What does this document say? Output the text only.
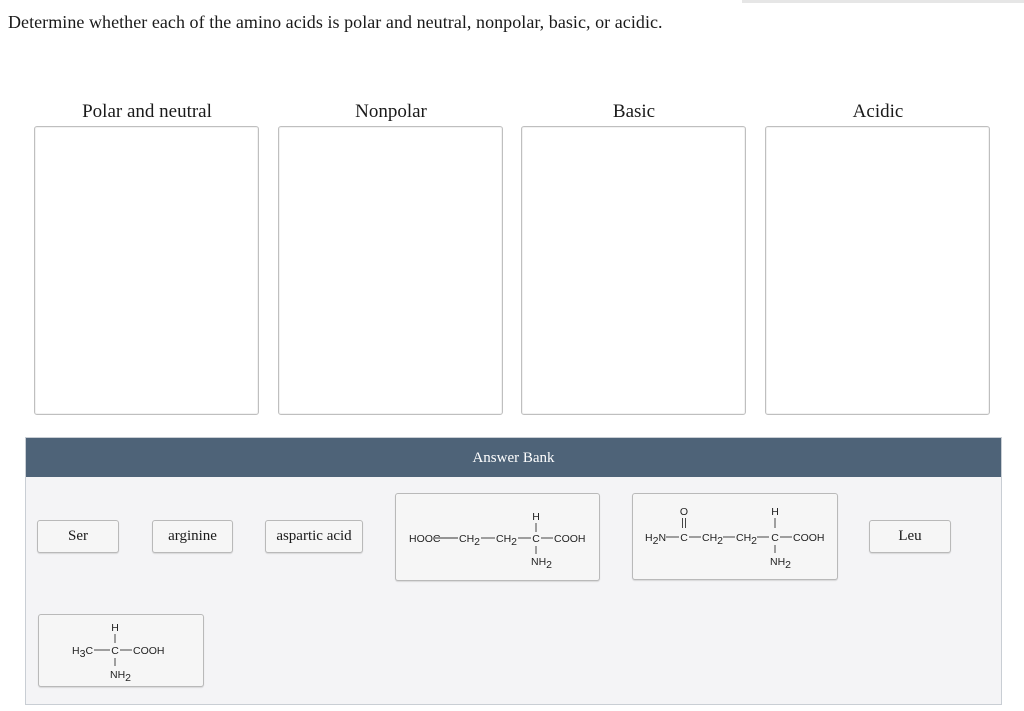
Determine whether each of the amino acids is polar and neutral, nonpolar, basic, or acidic.
Polar and neutral	Nonpolar	Basic	Acidic
Answer Bank
Ser	arginine	aspartic acid	Leu
H
HOOC CH2 CH2 C COOH
NH2
O
H2N C CH2 CH2
H
C COOH
NH2
H
H3C C COOH
NH2
